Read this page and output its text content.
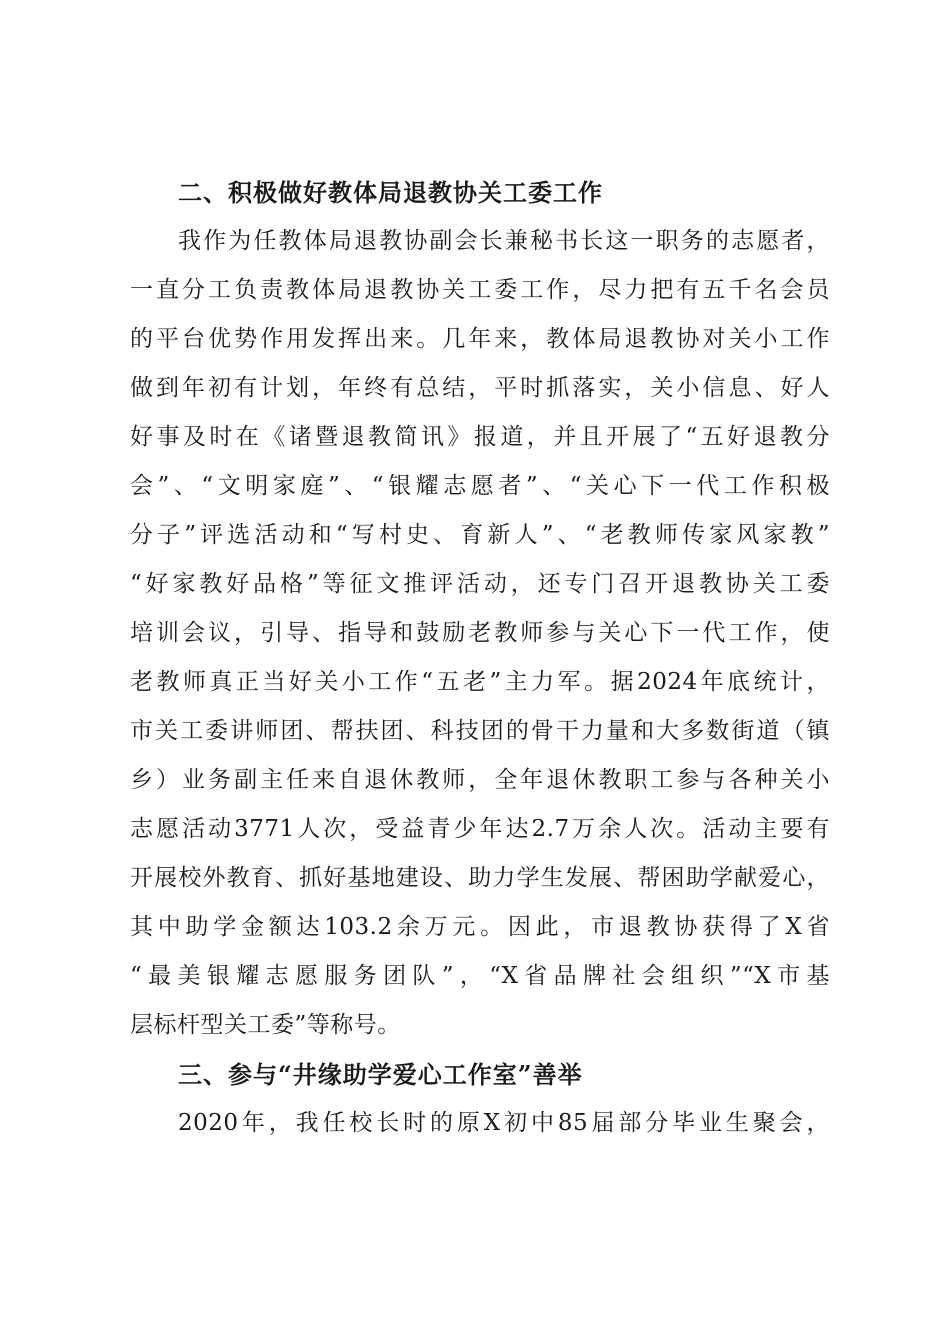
二、积极做好教体局退教协关工委工作
我作为任教体局退教协副会长兼秘书长这一职务的志愿者，
一直分工负责教体局退教协关工委工作，尽力把有五千名会员
的平台优势作用发挥出来。几年来，教体局退教协对关小工作
做到年初有计划，年终有总结，平时抓落实，关小信息、好人
好事及时在《诸暨退教简讯》报道，并且开展了“五好退教分
会”、“文明家庭”、“银耀志愿者”、“关心下一代工作积极
分子”评选活动和“写村史、育新人”、“老教师传家风家教”
“好家教好品格”等征文推评活动，还专门召开退教协关工委
培训会议，引导、指导和鼓励老教师参与关心下一代工作，使
老教师真正当好关小工作“五老”主力军。据2024年底统计，
市关工委讲师团、帮扶团、科技团的骨干力量和大多数街道（镇
乡）业务副主任来自退休教师，全年退休教职工参与各种关小
志愿活动3771人次，受益青少年达2.7万余人次。活动主要有
开展校外教育、抓好基地建设、助力学生发展、帮困助学献爱心，
其中助学金额达103.2余万元。因此，市退教协获得了X省
“最美银耀志愿服务团队”，“X省品牌社会组织”“X市基
层标杆型关工委”等称号。
三、参与“井缘助学爱心工作室”善举
2020年，我任校长时的原X初中85届部分毕业生聚会，
